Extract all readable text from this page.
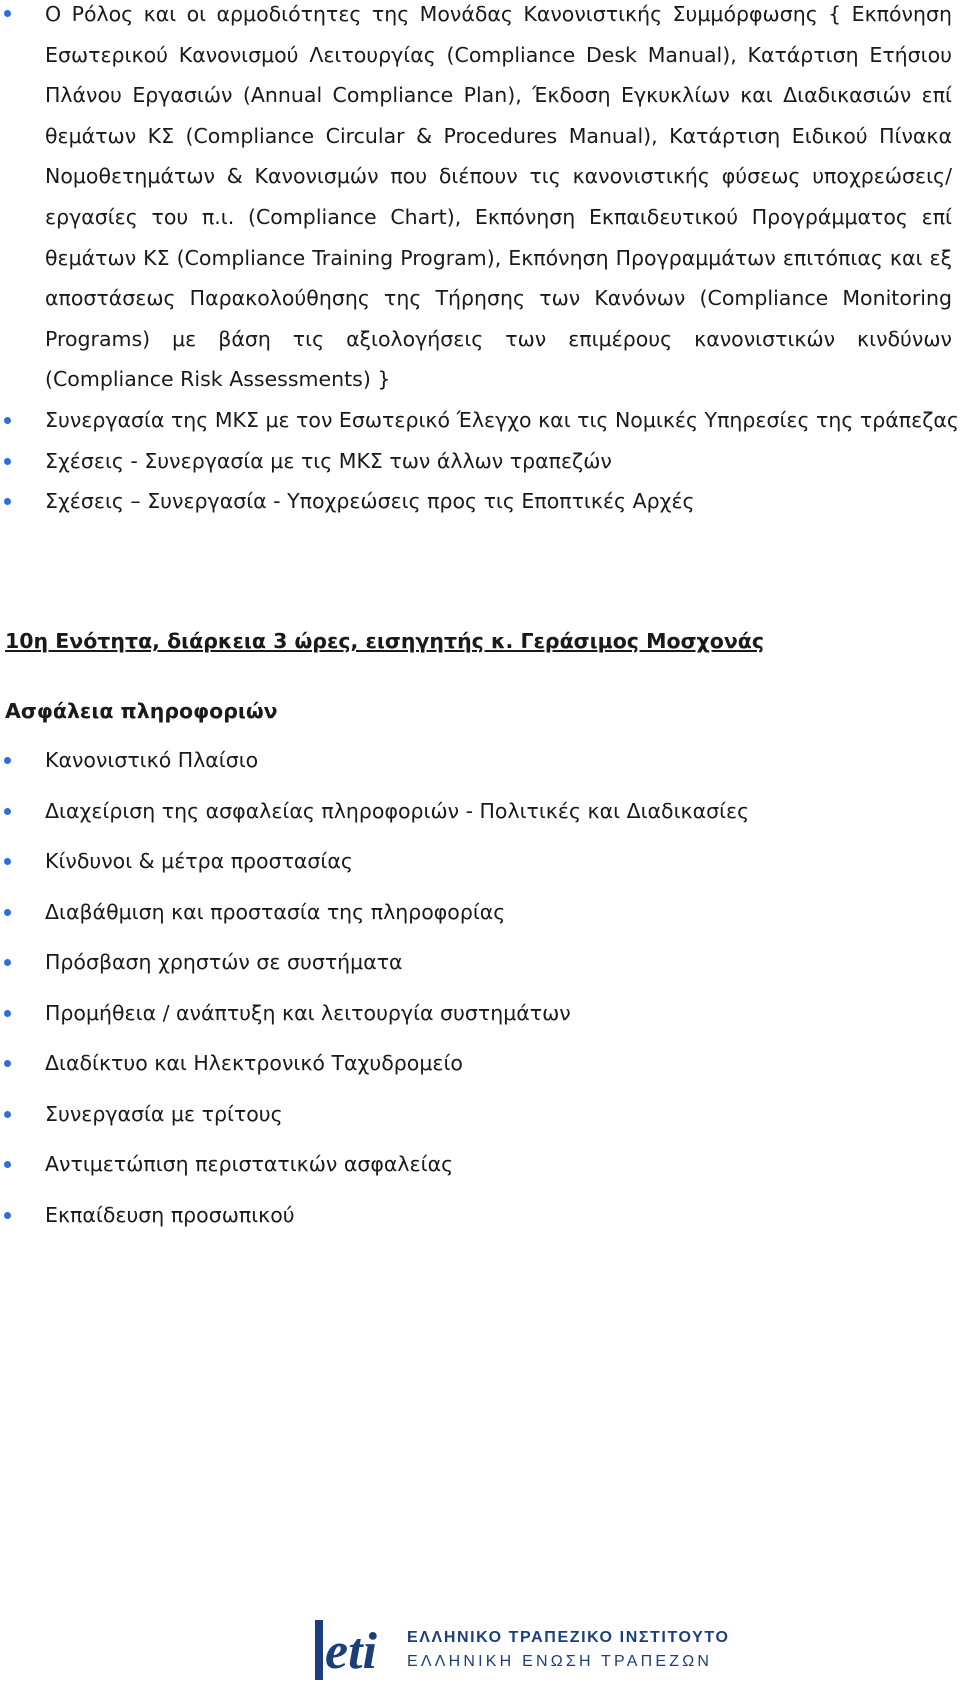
Ο Ρόλος και οι αρμοδιότητες της Μονάδας Κανονιστικής Συμμόρφωσης { Εκπόνηση Εσωτερικού Κανονισμού Λειτουργίας (Compliance Desk Manual), Κατάρτιση Ετήσιου Πλάνου Εργασιών (Annual Compliance Plan), Έκδοση Εγκυκλίων και Διαδικασιών επί θεμάτων ΚΣ (Compliance Circular & Procedures Manual), Κατάρτιση Ειδικού Πίνακα Νομοθετημάτων & Κανονισμών που διέπουν τις κανονιστικής φύσεως υποχρεώσεις/ εργασίες του π.ι. (Compliance Chart), Εκπόνηση Εκπαιδευτικού Προγράμματος επί θεμάτων ΚΣ (Compliance Training Program), Εκπόνηση Προγραμμάτων επιτόπιας και εξ αποστάσεως Παρακολούθησης της Τήρησης των Κανόνων (Compliance Monitoring Programs) με βάση τις αξιολογήσεις των επιμέρους κανονιστικών κινδύνων (Compliance Risk Assessments) }
Συνεργασία της ΜΚΣ με τον Εσωτερικό Έλεγχο και τις Νομικές Υπηρεσίες της τράπεζας
Σχέσεις - Συνεργασία με τις ΜΚΣ των άλλων τραπεζών
Σχέσεις – Συνεργασία - Υποχρεώσεις προς τις Εποπτικές Αρχές
10η Ενότητα, διάρκεια 3 ώρες, εισηγητής κ. Γεράσιμος Μοσχονάς
Ασφάλεια πληροφοριών
Κανονιστικό Πλαίσιο
Διαχείριση της ασφαλείας πληροφοριών - Πολιτικές και Διαδικασίες
Κίνδυνοι & μέτρα προστασίας
Διαβάθμιση και προστασία της πληροφορίας
Πρόσβαση χρηστών σε συστήματα
Προμήθεια / ανάπτυξη και λειτουργία συστημάτων
Διαδίκτυο και Ηλεκτρονικό Ταχυδρομείο
Συνεργασία με τρίτους
Αντιμετώπιση περιστατικών ασφαλείας
Εκπαίδευση προσωπικού
eti ΕΛΛΗΝΙΚΟ ΤΡΑΠΕΖΙΚΟ ΙΝΣΤΙΤΟΥΤΟ
ΕΛΛΗΝΙΚΗ ΕΝΩΣΗ ΤΡΑΠΕΖΩΝ
